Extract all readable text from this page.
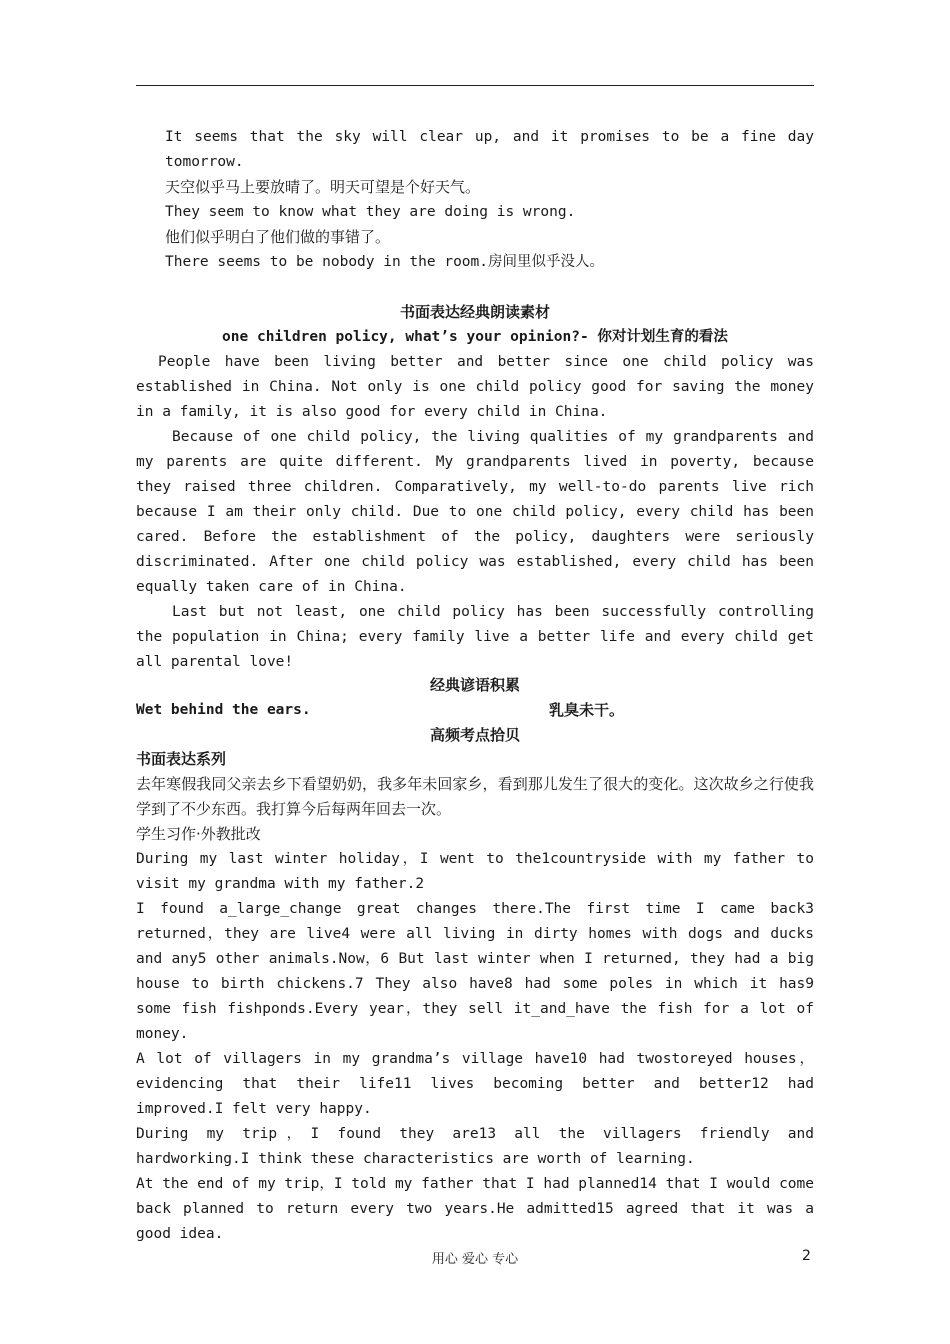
It seems that the sky will clear up, and it promises to be a fine day tomorrow.

天空似乎马上要放晴了。明天可望是个好天气。

They seem to know what they are doing is wrong.

他们似乎明白了他们做的事错了。

There seems to be nobody in the room.房间里似乎没人。

书面表达经典朗读素材

one children policy, what’s your opinion?- 你对计划生育的看法

People have been living better and better since one child policy was established in China. Not only is one child policy good for saving the money in a family, it is also good for every child in China.

Because of one child policy, the living qualities of my grandparents and my parents are quite different. My grandparents lived in poverty, because they raised three children. Comparatively, my well-to-do parents live rich because I am their only child. Due to one child policy, every child has been cared. Before the establishment of the policy, daughters were seriously discriminated. After one child policy was established, every child has been equally taken care of in China.

Last but not least, one child policy has been successfully controlling the population in China; every family live a better life and every child get all parental love!

经典谚语积累

Wet behind the ears.	乳臭未干。

高频考点拾贝

书面表达系列

去年寒假我同父亲去乡下看望奶奶，我多年未回家乡，看到那儿发生了很大的变化。这次故乡之行使我学到了不少东西。我打算今后每两年回去一次。

学生习作·外教批改

During my last winter holiday，I went to the1countryside with my father to visit my grandma with my father.2

I found a_large_change great changes there.The first time I came back3 returned，they are live4 were all living in dirty homes with dogs and ducks and any5 other animals.Now，6 But last winter when I returned, they had a big house to birth chickens.7 They also have8 had some poles in which it has9 some fish fishponds.Every year，they sell it_and_have the fish for a lot of money.

A lot of villagers in my grandma’s village have10 had twostoreyed houses，evidencing that their life11 lives becoming better and better12 had improved.I felt very happy.

During my trip，I found they are13 all the villagers friendly and hardworking.I think these characteristics are worth of learning.

At the end of my trip，I told my father that I had planned14 that I would come back planned to return every two years.He admitted15 agreed that it was a good idea.

用心 爱心 专心	2
